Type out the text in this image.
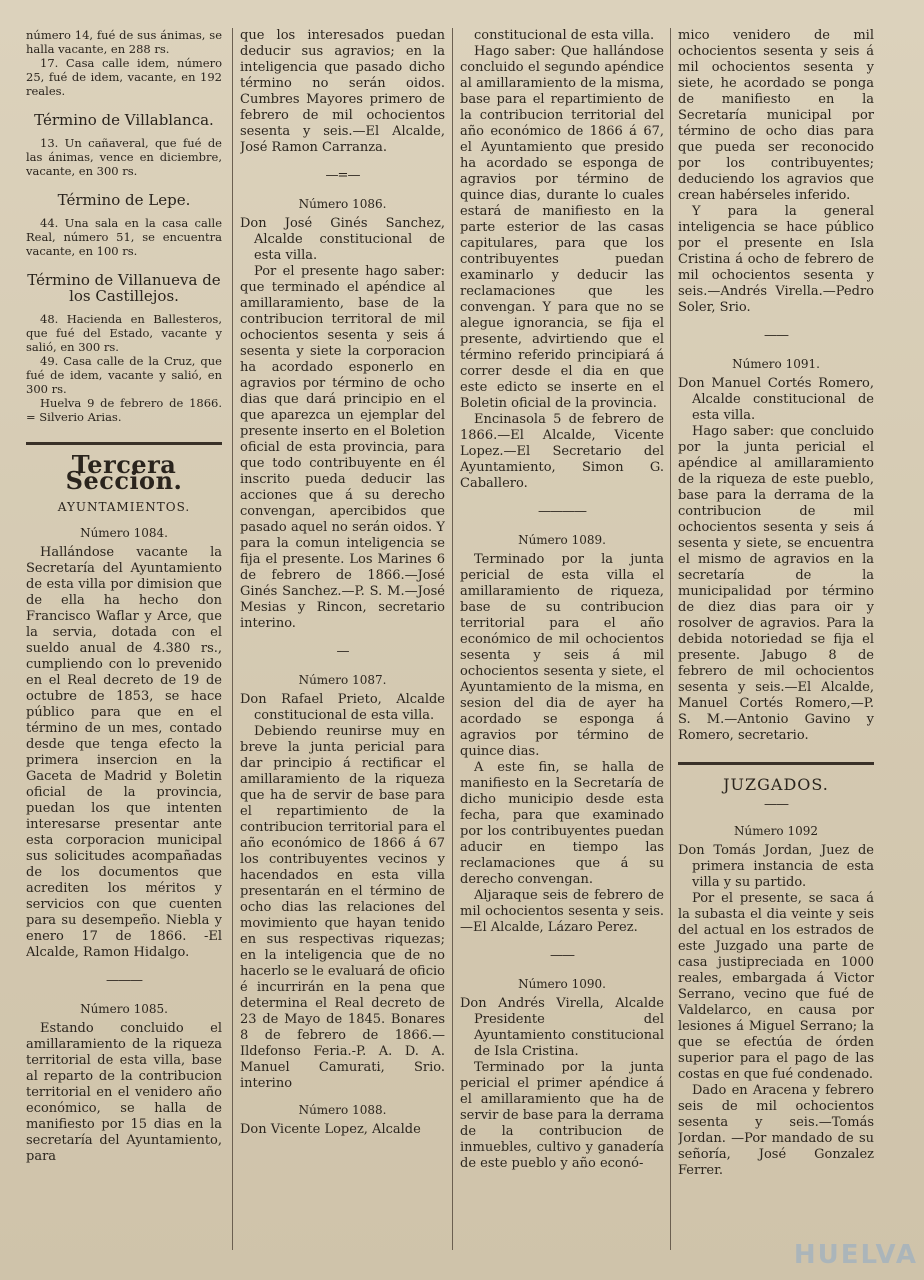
número 14, fué de sus ánimas, se halla vacante, en 288 rs.

17. Casa calle idem, número 25, fué de idem, vacante, en 192 reales.

Término de Villablanca.

13. Un cañaveral, que fué de las ánimas, vence en diciembre, vacante, en 300 rs.

Término de Lepe.

44. Una sala en la casa calle Real, número 51, se encuentra vacante, en 100 rs.

Término de Villanueva de los Castillejos.

48. Hacienda en Ballesteros, que fué del Estado, vacante y salió, en 300 rs.

49. Casa calle de la Cruz, que fué de idem, vacante y salió, en 300 rs.

Huelva 9 de febrero de 1866. = Silverio Arias.

Tercera Seccion.
AYUNTAMIENTOS.
Número 1084.

Hallándose vacante la Secretaría del Ayuntamiento de esta villa por dimision que de ella ha hecho don Francisco Waflar y Arce, que la servia, dotada con el sueldo anual de 4.380 rs., cumpliendo con lo prevenido en el Real decreto de 19 de octubre de 1853, se hace público para que en el término de un mes, contado desde que tenga efecto la primera insercion en la Gaceta de Madrid y Boletin oficial de la provincia, puedan los que intenten interesarse presentar ante esta corporacion municipal sus solicitudes acompañadas de los documentos que acrediten los méritos y servicios con que cuenten para su desempeño. Niebla y enero 17 de 1866. -El Alcalde, Ramon Hidalgo.

———
Número 1085.

Estando concluido el amillaramiento de la riqueza territorial de esta villa, base al reparto de la contribucion territorial en el venidero año económico, se halla de manifiesto por 15 dias en la secretaría del Ayuntamiento, para

que los interesados puedan deducir sus agravios; en la inteligencia que pasado dicho término no serán oidos. Cumbres Mayores primero de febrero de mil ochocientos sesenta y seis.—El Alcalde, José Ramon Carranza.

—=—
Número 1086.

Don José Ginés Sanchez, Alcalde constitucional de esta villa.

Por el presente hago saber: que terminado el apéndice al amillaramiento, base de la contribucion territoral de mil ochocientos sesenta y seis á sesenta y siete la corporacion ha acordado esponerlo en agravios por término de ocho dias que dará principio en el que aparezca un ejemplar del presente inserto en el Boletion oficial de esta provincia, para que todo contribuyente en él inscrito pueda deducir las acciones que á su derecho convengan, apercibidos que pasado aquel no serán oidos. Y para la comun inteligencia se fija el presente. Los Marines 6 de febrero de 1866.—José Ginés Sanchez.—P. S. M.—José Mesias y Rincon, secretario interino.

—
Número 1087.

Don Rafael Prieto, Alcalde constitucional de esta villa.

Debiendo reunirse muy en breve la junta pericial para dar principio á rectificar el amillaramiento de la riqueza que ha de servir de base para el repartimiento de la contribucion territorial para el año económico de 1866 á 67 los contribuyentes vecinos y hacendados en esta villa presentarán en el término de ocho dias las relaciones del movimiento que hayan tenido en sus respectivas riquezas; en la inteligencia que de no hacerlo se le evaluará de oficio é incurrirán en la pena que determina el Real decreto de 23 de Mayo de 1845. Bonares 8 de febrero de 1866.—Ildefonso Feria.-P. A. D. A. Manuel Camurati, Srio. interino

Número 1088.

Don Vicente Lopez, Alcalde

constitucional de esta villa.

Hago saber: Que hallándose concluido el segundo apéndice al amillaramiento de la misma, base para el repartimiento de la contribucion territorial del año económico de 1866 á 67, el Ayuntamiento que presido ha acordado se esponga de agravios por término de quince dias, durante lo cuales estará de manifiesto en la parte esterior de las casas capitulares, para que los contribuyentes puedan examinarlo y deducir las reclamaciones que les convengan. Y para que no se alegue ignorancia, se fija el presente, advirtiendo que el término referido principiará á correr desde el dia en que este edicto se inserte en el Boletin oficial de la provincia.

Encinasola 5 de febrero de 1866.—El Alcalde, Vicente Lopez.—El Secretario del Ayuntamiento, Simon G. Caballero.

————
Número 1089.

Terminado por la junta pericial de esta villa el amillaramiento de riqueza, base de su contribucion territorial para el año económico de mil ochocientos sesenta y seis á mil ochocientos sesenta y siete, el Ayuntamiento de la misma, en sesion del dia de ayer ha acordado se esponga á agravios por término de quince dias.

A este fin, se halla de manifiesto en la Secretaría de dicho municipio desde esta fecha, para que examinado por los contribuyentes puedan aducir en tiempo las reclamaciones que á su derecho convengan.

Aljaraque seis de febrero de mil ochocientos sesenta y seis.—El Alcalde, Lázaro Perez.

——
Número 1090.

Don Andrés Virella, Alcalde Presidente del Ayuntamiento constitucional de Isla Cristina.

Terminado por la junta pericial el primer apéndice á el amillaramiento que ha de servir de base para la derrama de la contribucion de inmuebles, cultivo y ganadería de este pueblo y año econó-

mico venidero de mil ochocientos sesenta y seis á mil ochocientos sesenta y siete, he acordado se ponga de manifiesto en la Secretaría municipal por término de ocho dias para que pueda ser reconocido por los contribuyentes; deduciendo los agravios que crean habérseles inferido.

Y para la general inteligencia se hace público por el presente en Isla Cristina á ocho de febrero de mil ochocientos sesenta y seis.—Andrés Virella.—Pedro Soler, Srio.

——
Número 1091.

Don Manuel Cortés Romero, Alcalde constitucional de esta villa.

Hago saber: que concluido por la junta pericial el apéndice al amillaramiento de la riqueza de este pueblo, base para la derrama de la contribucion de mil ochocientos sesenta y seis á sesenta y siete, se encuentra el mismo de agravios en la secretaría de la municipalidad por término de diez dias para oir y rosolver de agravios. Para la debida notoriedad se fija el presente. Jabugo 8 de febrero de mil ochocientos sesenta y seis.—El Alcalde, Manuel Cortés Romero,—P. S. M.—Antonio Gavino y Romero, secretario.

JUZGADOS.
——
Número 1092

Don Tomás Jordan, Juez de primera instancia de esta villa y su partido.

Por el presente, se saca á la subasta el dia veinte y seis del actual en los estrados de este Juzgado una parte de casa justipreciada en 1000 reales, embargada á Victor Serrano, vecino que fué de Valdelarco, en causa por lesiones á Miguel Serrano; la que se efectúa de órden superior para el pago de las costas en que fué condenado.

Dado en Aracena y febrero seis de mil ochocientos sesenta y seis.—Tomás Jordan. —Por mandado de su señoría, José Gonzalez Ferrer.

HUELVA
